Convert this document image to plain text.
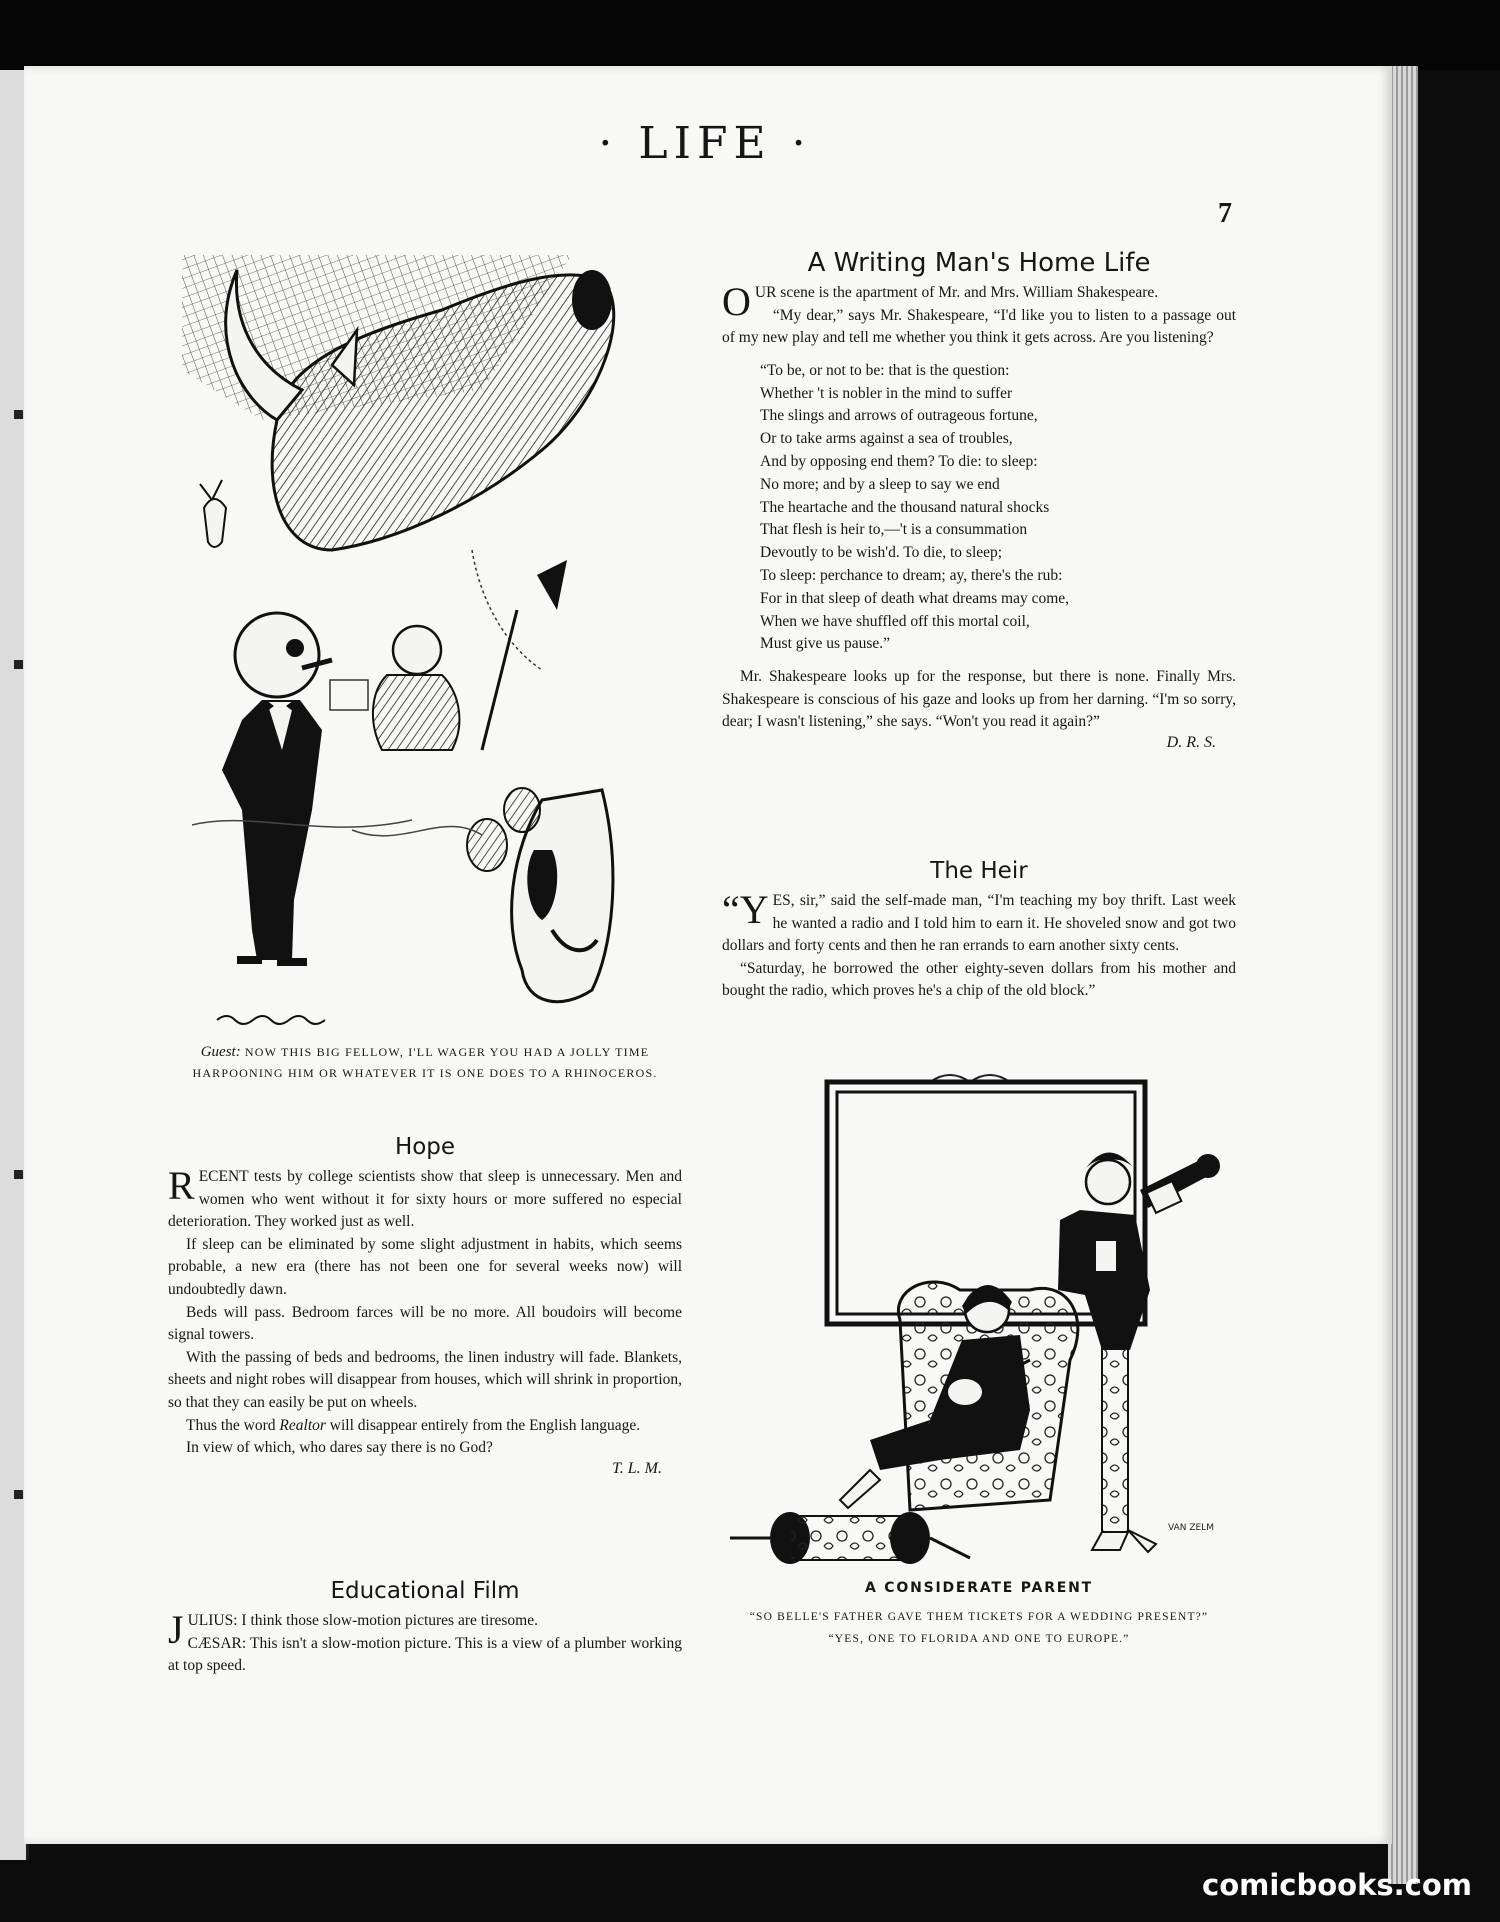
· LIFE ·
7
Guest: NOW THIS BIG FELLOW, I'LL WAGER YOU HAD A JOLLY TIME HARPOONING HIM OR WHATEVER IT IS ONE DOES TO A RHINOCEROS.
Hope

RECENT tests by college scientists show that sleep is unnecessary. Men and women who went without it for sixty hours or more suffered no especial deterioration. They worked just as well.

If sleep can be eliminated by some slight adjustment in habits, which seems probable, a new era (there has not been one for several weeks now) will undoubtedly dawn.

Beds will pass. Bedroom farces will be no more. All boudoirs will become signal towers.

With the passing of beds and bedrooms, the linen industry will fade. Blankets, sheets and night robes will disappear from houses, which will shrink in proportion, so that they can easily be put on wheels.

Thus the word Realtor will disappear entirely from the English language.

In view of which, who dares say there is no God?

T. L. M.
Educational Film

JULIUS: I think those slow-motion pictures are tiresome.

CÆSAR: This isn't a slow-motion picture. This is a view of a plumber working at top speed.

A Writing Man's Home Life

OUR scene is the apartment of Mr. and Mrs. William Shakespeare.

“My dear,” says Mr. Shakespeare, “I'd like you to listen to a passage out of my new play and tell me whether you think it gets across. Are you listening?

“To be, or not to be: that is the question:
Whether 't is nobler in the mind to suffer
The slings and arrows of outrageous fortune,
Or to take arms against a sea of troubles,
And by opposing end them? To die: to sleep:
No more; and by a sleep to say we end
The heartache and the thousand natural shocks
That flesh is heir to,—'t is a consummation
Devoutly to be wish'd. To die, to sleep;
To sleep: perchance to dream; ay, there's the rub:
For in that sleep of death what dreams may come,
When we have shuffled off this mortal coil,
Must give us pause.”

Mr. Shakespeare looks up for the response, but there is none. Finally Mrs. Shakespeare is conscious of his gaze and looks up from her darning. “I'm so sorry, dear; I wasn't listening,” she says. “Won't you read it again?”

D. R. S.
The Heir

“YES, sir,” said the self-made man, “I'm teaching my boy thrift. Last week he wanted a radio and I told him to earn it. He shoveled snow and got two dollars and forty cents and then he ran errands to earn another sixty cents.

“Saturday, he borrowed the other eighty-seven dollars from his mother and bought the radio, which proves he's a chip of the old block.”

VAN ZELM
A CONSIDERATE PARENT
“SO BELLE'S FATHER GAVE THEM TICKETS FOR A WEDDING PRESENT?”
“YES, ONE TO FLORIDA AND ONE TO EUROPE.”
comicbooks.com
